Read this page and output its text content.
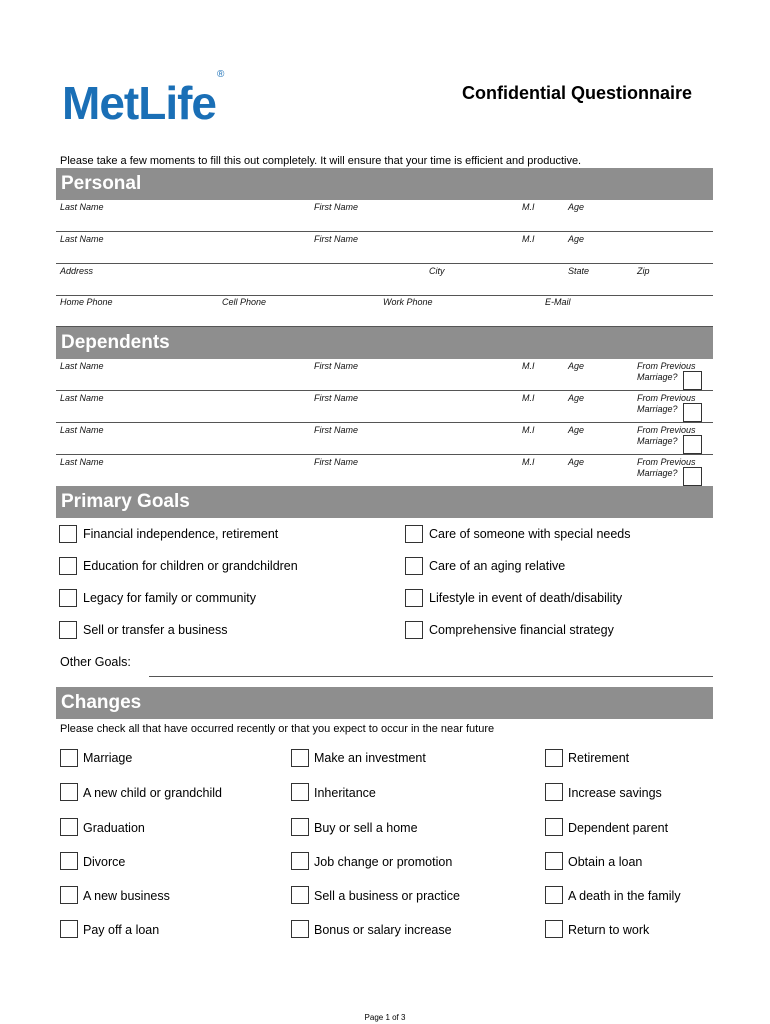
MetLife®
Confidential Questionnaire
Please take a few moments to fill this out completely. It will ensure that your time is efficient and productive.
Personal
Last Name	First Name	M.I	Age
Last Name	First Name	M.I	Age
Address	City	State	Zip
Home Phone	Cell Phone	Work Phone	E-Mail
Dependents
Last Name	First Name	M.I	Age	From Previous
Marriage?
Last Name	First Name	M.I	Age	From Previous
Marriage?
Last Name	First Name	M.I	Age	From Previous
Marriage?
Last Name	First Name	M.I	Age	From Previous
Marriage?
Primary Goals
Financial independence, retirement	Care of someone with special needs
Education for children or grandchildren	Care of an aging relative
Legacy for family or community	Lifestyle in event of death/disability
Sell or transfer a business	Comprehensive financial strategy
Other Goals:
Changes
Please check all that have occurred recently or that you expect to occur in the near future
Marriage	Make an investment	Retirement
A new child or grandchild	Inheritance	Increase savings
Graduation	Buy or sell a home	Dependent parent
Divorce	Job change or promotion	Obtain a loan
A new business	Sell a business or practice	A death in the family
Pay off a loan	Bonus or salary increase	Return to work
Page 1 of 3
